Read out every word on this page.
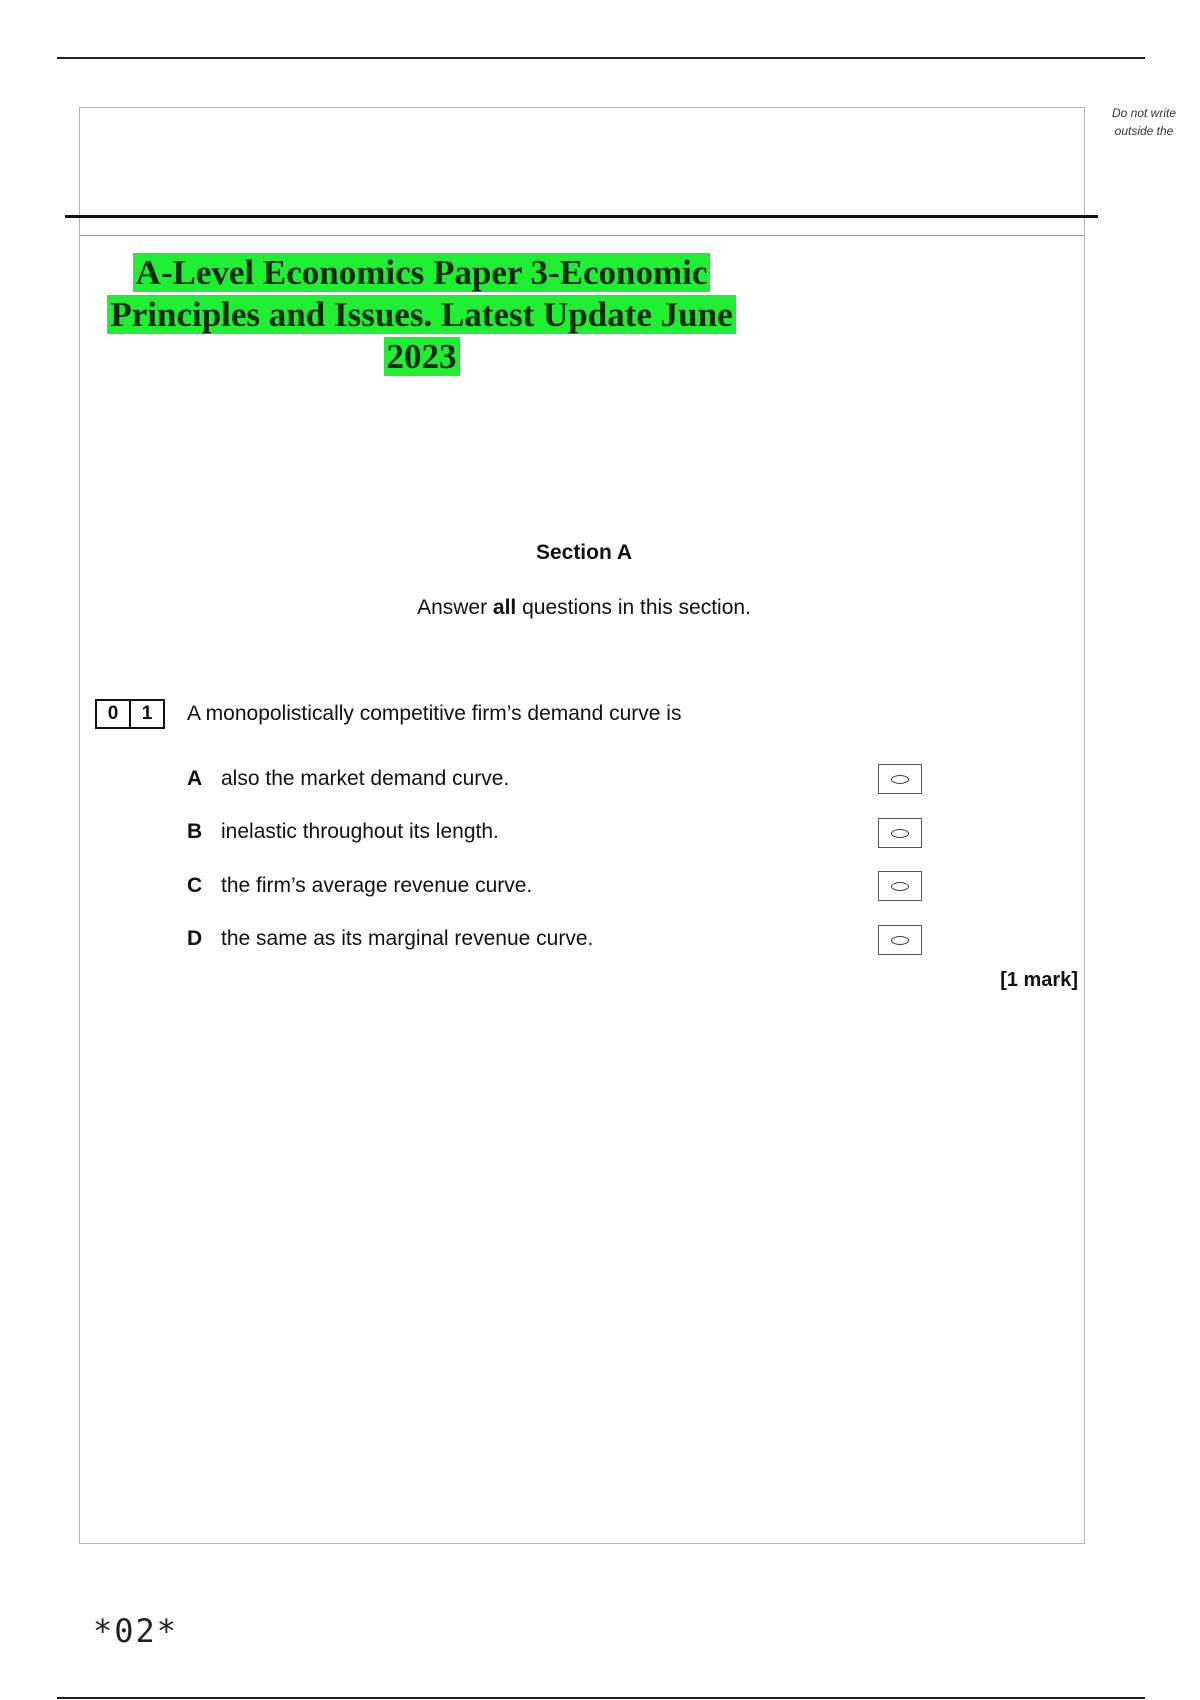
Do not write
outside the
A-Level Economics Paper 3-Economic
Principles and Issues. Latest Update June
2023
Section A
Answer all questions in this section.
0	1	A monopolistically competitive firm’s demand curve is
A also the market demand curve.
B inelastic throughout its length.
C the firm’s average revenue curve.
D the same as its marginal revenue curve.
[1 mark]
*02*
